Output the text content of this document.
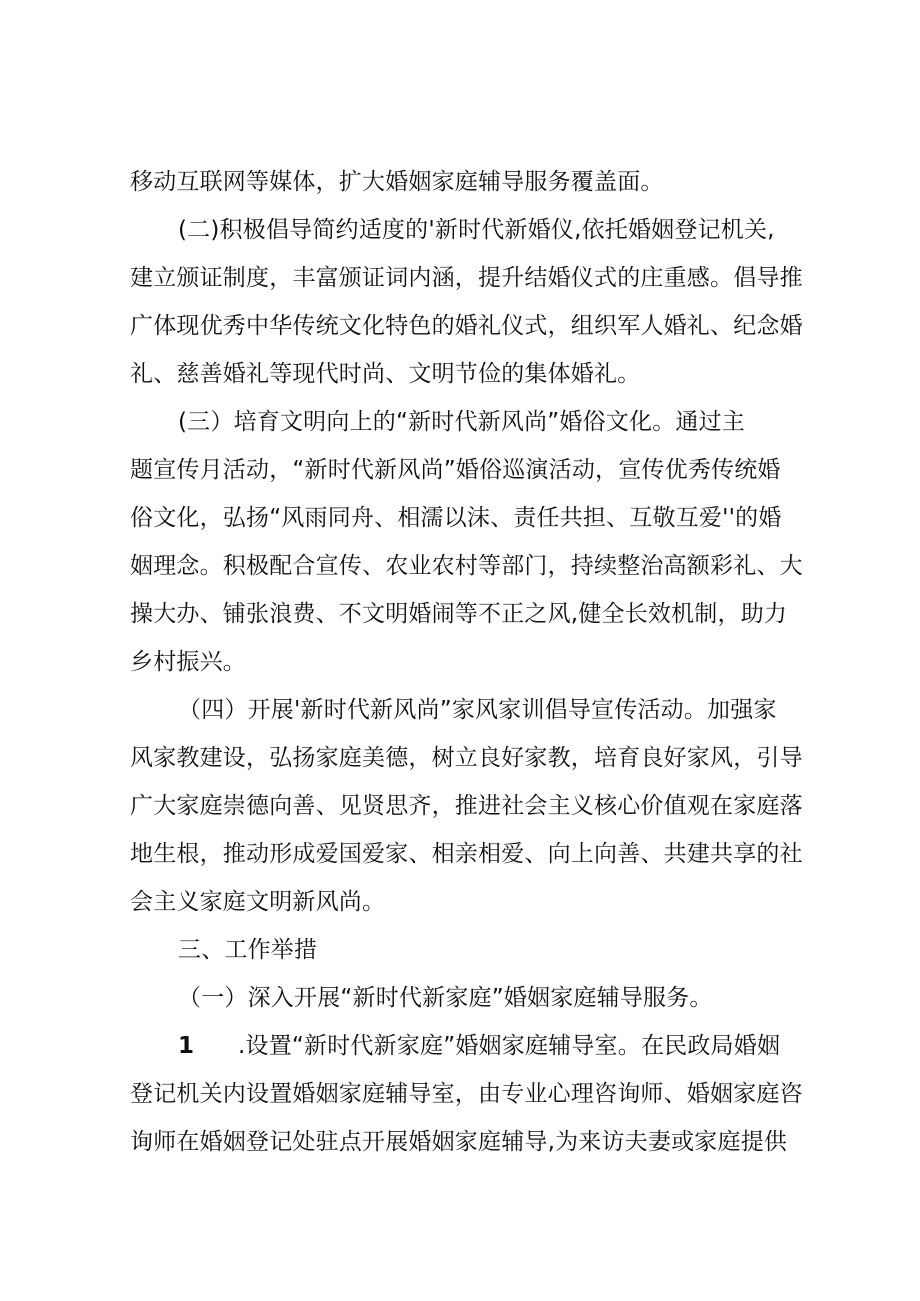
移动互联网等媒体，扩大婚姻家庭辅导服务覆盖面。
(二)积极倡导简约适度的'新时代新婚仪,依托婚姻登记机关,
建立颁证制度，丰富颁证词内涵，提升结婚仪式的庄重感。倡导推
广体现优秀中华传统文化特色的婚礼仪式，组织军人婚礼、纪念婚
礼、慈善婚礼等现代时尚、文明节俭的集体婚礼。
(三）培育文明向上的“新时代新风尚”婚俗文化。通过主
题宣传月活动，“新时代新风尚”婚俗巡演活动，宣传优秀传统婚
俗文化，弘扬“风雨同舟、相濡以沫、责任共担、互敬互爱''的婚
姻理念。积极配合宣传、农业农村等部门，持续整治高额彩礼、大
操大办、铺张浪费、不文明婚闹等不正之风,健全长效机制，助力
乡村振兴。
（四）开展'新时代新风尚”家风家训倡导宣传活动。加强家
风家教建设，弘扬家庭美德，树立良好家教，培育良好家风，引导
广大家庭崇德向善、见贤思齐，推进社会主义核心价值观在家庭落
地生根，推动形成爱国爱家、相亲相爱、向上向善、共建共享的社
会主义家庭文明新风尚。
三、工作举措
（一）深入开展“新时代新家庭”婚姻家庭辅导服务。
1 .设置“新时代新家庭”婚姻家庭辅导室。在民政局婚姻
登记机关内设置婚姻家庭辅导室，由专业心理咨询师、婚姻家庭咨
询师在婚姻登记处驻点开展婚姻家庭辅导,为来访夫妻或家庭提供
